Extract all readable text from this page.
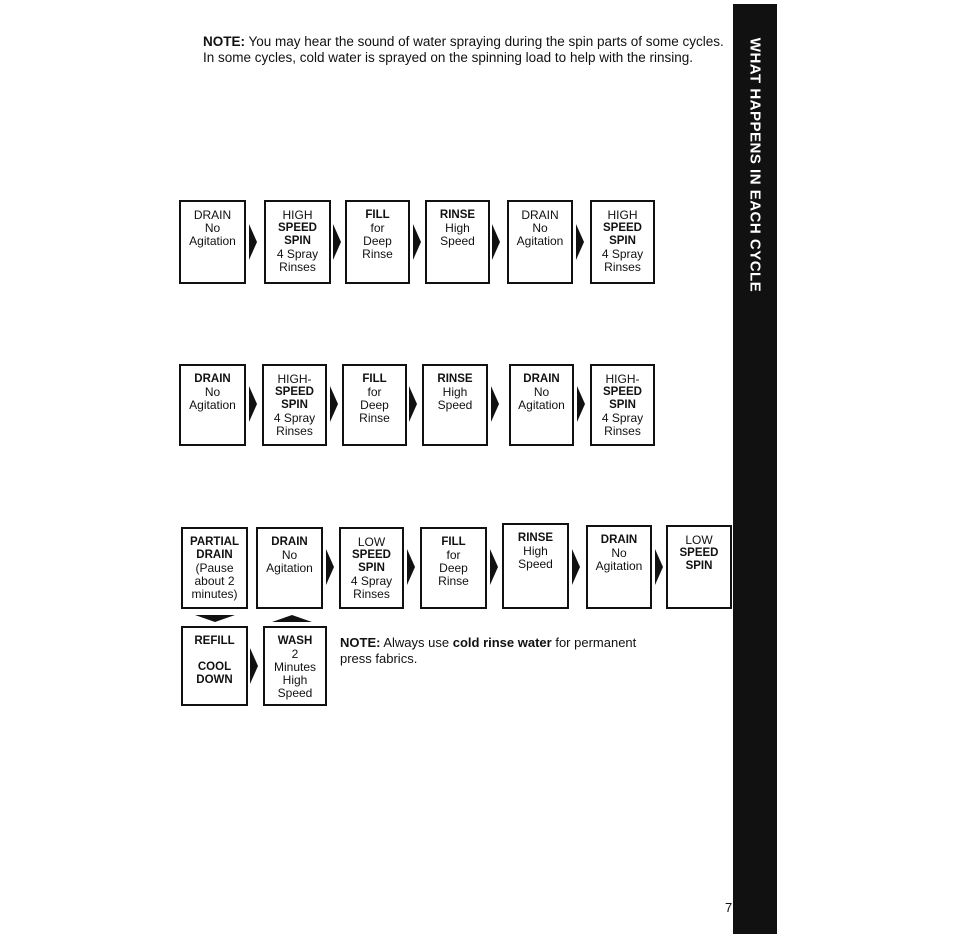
NOTE: You may hear the sound of water spraying during the spin parts of some cycles. In some cycles, cold water is sprayed on the spinning load to help with the rinsing.	WHAT HAPPENS IN EACH CYCLE
DRAIN
No
Agitation
HIGH
SPEED
SPIN
4 Spray
Rinses
FILL
for
Deep
Rinse
RINSE
High
Speed
DRAIN
No
Agitation
HIGH
SPEED
SPIN
4 Spray
Rinses
DRAIN
No
Agitation
HIGH-
SPEED
SPIN
4 Spray
Rinses
FILL
for
Deep
Rinse
RINSE
High
Speed
DRAIN
No
Agitation
HIGH-
SPEED
SPIN
4 Spray
Rinses
PARTIAL
DRAIN
(Pause
about 2
minutes)
DRAIN
No
Agitation
LOW
SPEED
SPIN
4 Spray
Rinses
FILL
for
Deep
Rinse
RINSE
High
Speed
DRAIN
No
Agitation
LOW
SPEED
SPIN
REFILL

COOL
DOWN
WASH
2
Minutes
High
Speed

NOTE: Always use cold rinse water for permanent press fabrics.

7
